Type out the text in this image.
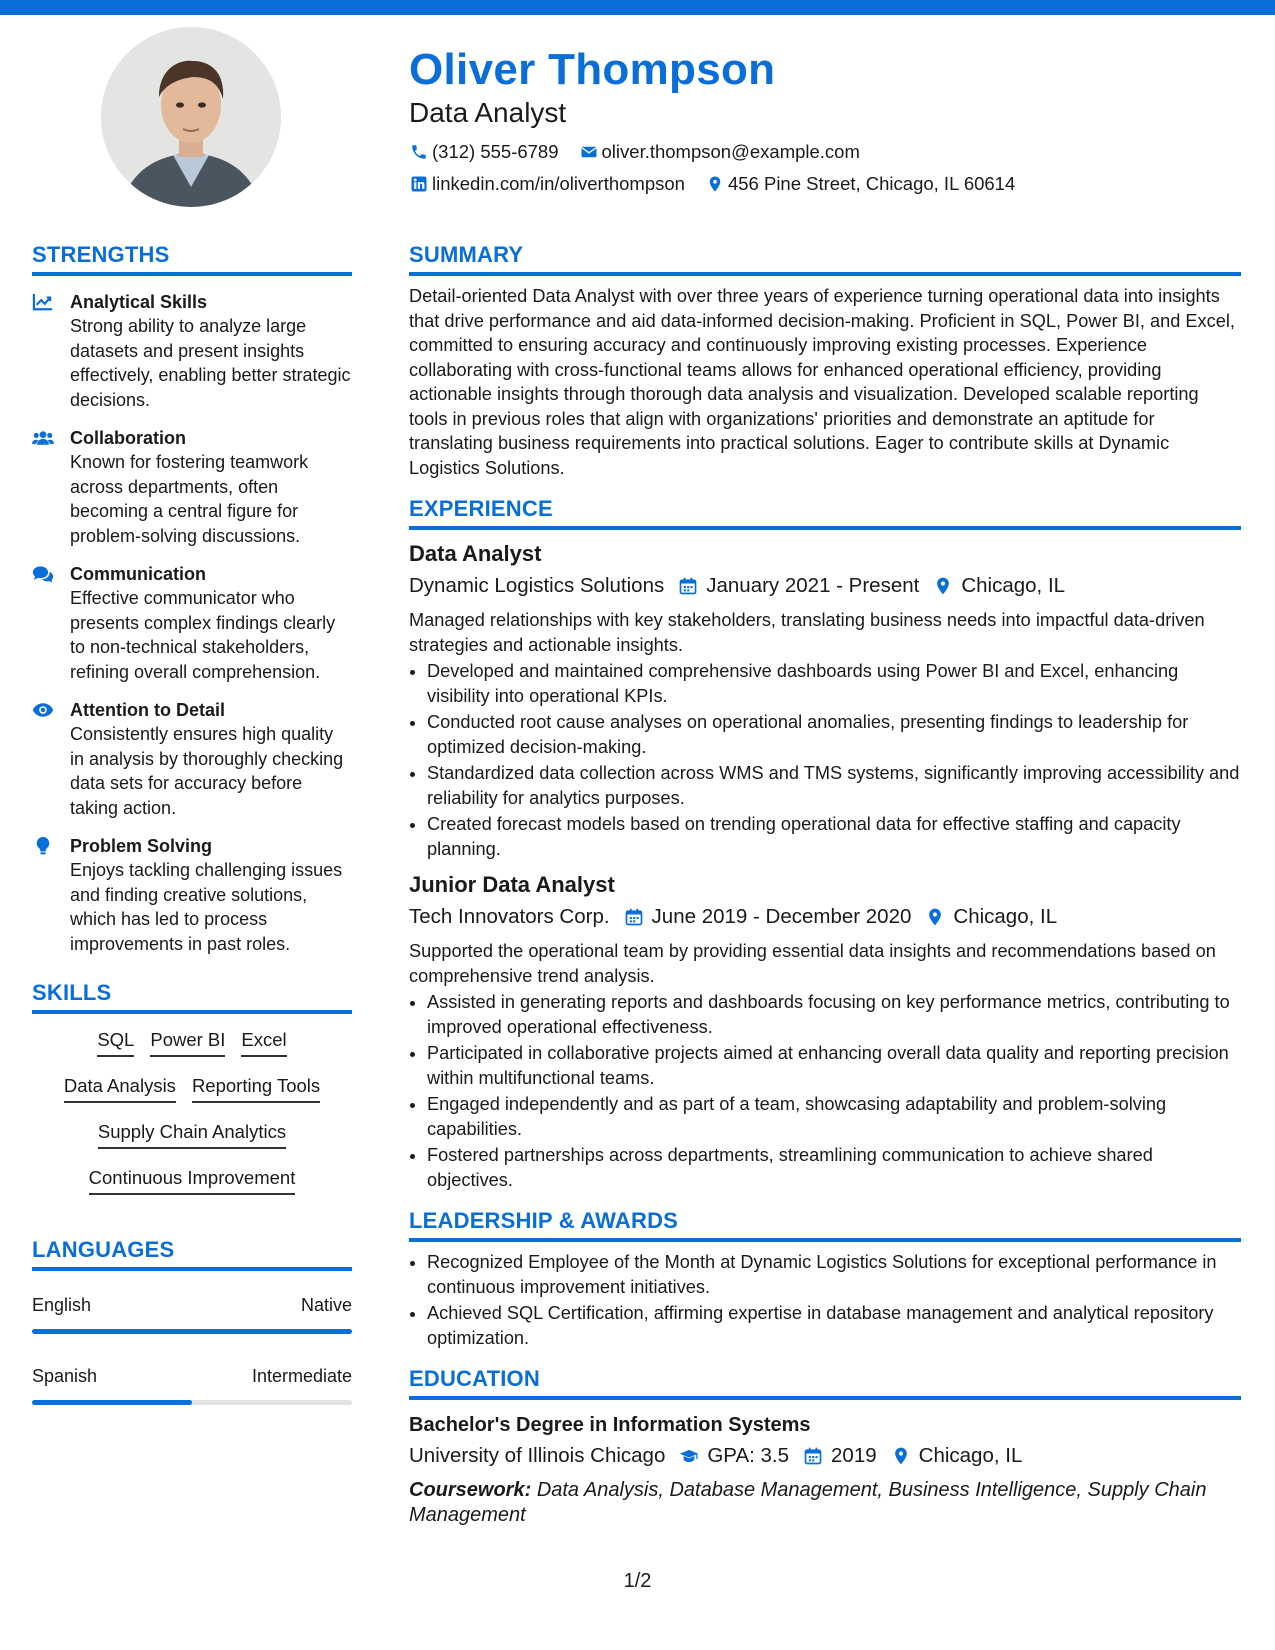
Oliver Thompson
Data Analyst
(312) 555-6789 oliver.thompson@example.com
linkedin.com/in/oliverthompson 456 Pine Street, Chicago, IL 60614
STRENGTHS
Analytical Skills
Strong ability to analyze large datasets and present insights effectively, enabling better strategic decisions.
Collaboration
Known for fostering teamwork across departments, often becoming a central figure for problem-solving discussions.
Communication
Effective communicator who presents complex findings clearly to non-technical stakeholders, refining overall comprehension.
Attention to Detail
Consistently ensures high quality in analysis by thoroughly checking data sets for accuracy before taking action.
Problem Solving
Enjoys tackling challenging issues and finding creative solutions, which has led to process improvements in past roles.
SKILLS
SQL Power BI Excel
Data Analysis Reporting Tools
Supply Chain Analytics
Continuous Improvement
LANGUAGES
English	Native
Spanish	Intermediate
SUMMARY
Detail-oriented Data Analyst with over three years of experience turning operational data into insights that drive performance and aid data-informed decision-making. Proficient in SQL, Power BI, and Excel, committed to ensuring accuracy and continuously improving existing processes. Experience collaborating with cross-functional teams allows for enhanced operational efficiency, providing actionable insights through thorough data analysis and visualization. Developed scalable reporting tools in previous roles that align with organizations' priorities and demonstrate an aptitude for translating business requirements into practical solutions. Eager to contribute skills at Dynamic Logistics Solutions.
EXPERIENCE
Data Analyst
Dynamic Logistics Solutions January 2021 - Present Chicago, IL
Managed relationships with key stakeholders, translating business needs into impactful data-driven strategies and actionable insights.
• Developed and maintained comprehensive dashboards using Power BI and Excel, enhancing visibility into operational KPIs.
• Conducted root cause analyses on operational anomalies, presenting findings to leadership for optimized decision-making.
• Standardized data collection across WMS and TMS systems, significantly improving accessibility and reliability for analytics purposes.
• Created forecast models based on trending operational data for effective staffing and capacity planning.
Junior Data Analyst
Tech Innovators Corp. June 2019 - December 2020 Chicago, IL
Supported the operational team by providing essential data insights and recommendations based on comprehensive trend analysis.
• Assisted in generating reports and dashboards focusing on key performance metrics, contributing to improved operational effectiveness.
• Participated in collaborative projects aimed at enhancing overall data quality and reporting precision within multifunctional teams.
• Engaged independently and as part of a team, showcasing adaptability and problem-solving capabilities.
• Fostered partnerships across departments, streamlining communication to achieve shared objectives.
LEADERSHIP & AWARDS
• Recognized Employee of the Month at Dynamic Logistics Solutions for exceptional performance in continuous improvement initiatives.
• Achieved SQL Certification, affirming expertise in database management and analytical repository optimization.
EDUCATION
Bachelor's Degree in Information Systems
University of Illinois Chicago GPA: 3.5 2019 Chicago, IL
Coursework: Data Analysis, Database Management, Business Intelligence, Supply Chain Management
1/2
